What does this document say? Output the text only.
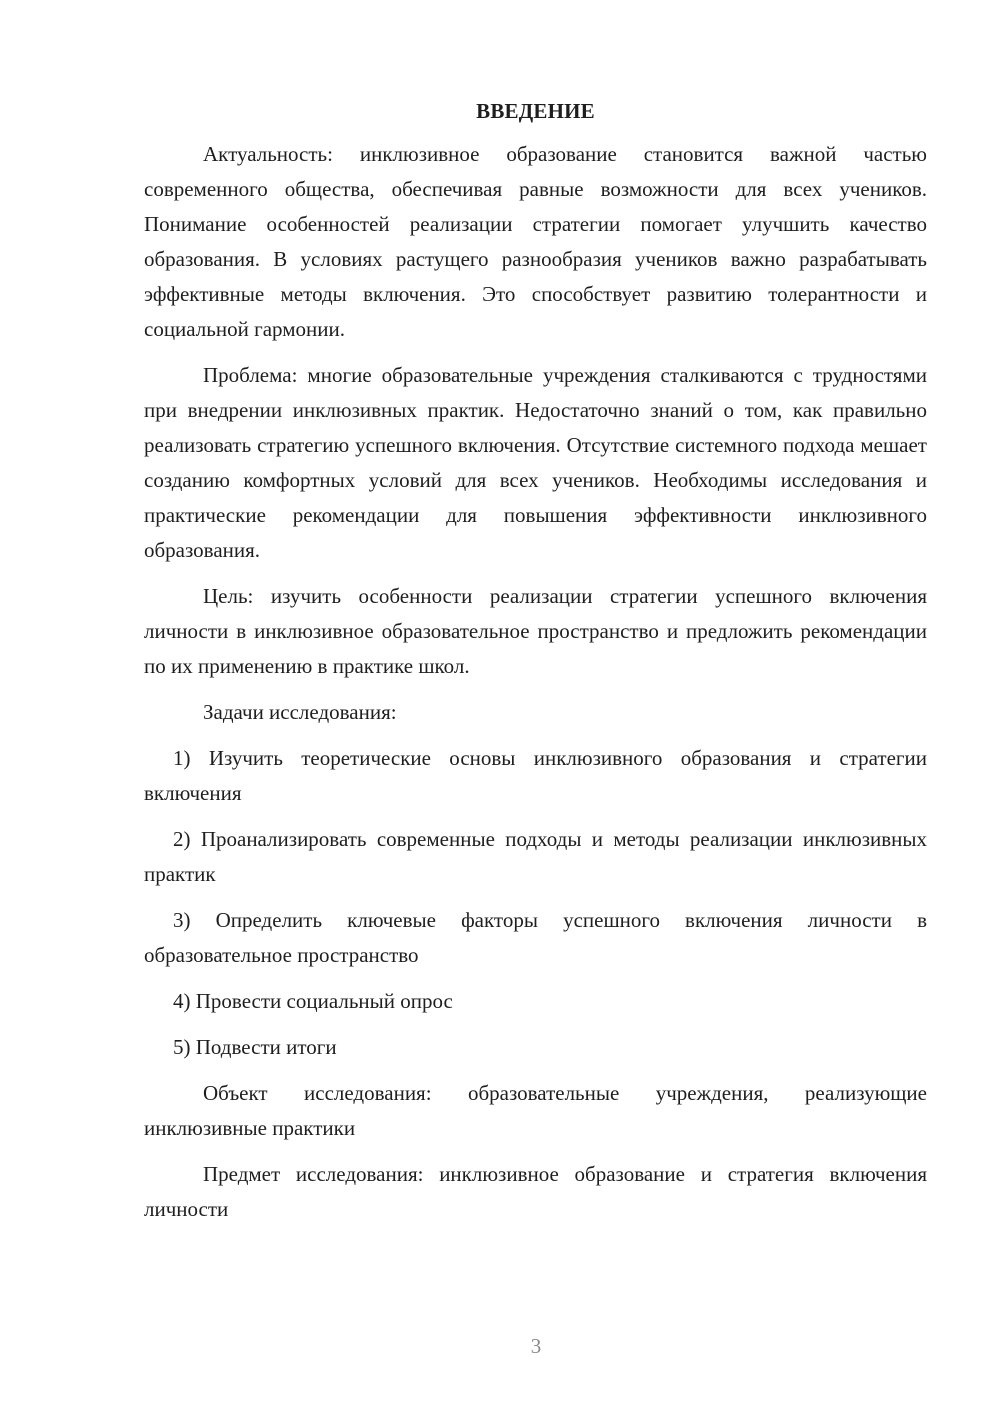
ВВЕДЕНИЕ

Актуальность: инклюзивное образование становится важной частью современного общества, обеспечивая равные возможности для всех учеников. Понимание особенностей реализации стратегии помогает улучшить качество образования. В условиях растущего разнообразия учеников важно разрабатывать эффективные методы включения. Это способствует развитию толерантности и социальной гармонии.

Проблема: многие образовательные учреждения сталкиваются с трудностями при внедрении инклюзивных практик. Недостаточно знаний о том, как правильно реализовать стратегию успешного включения. Отсутствие системного подхода мешает созданию комфортных условий для всех учеников. Необходимы исследования и практические рекомендации для повышения эффективности инклюзивного образования.

Цель: изучить особенности реализации стратегии успешного включения личности в инклюзивное образовательное пространство и предложить рекомендации по их применению в практике школ.

Задачи исследования:

1) Изучить теоретические основы инклюзивного образования и стратегии включения

2) Проанализировать современные подходы и методы реализации инклюзивных практик

3) Определить ключевые факторы успешного включения личности в образовательное пространство

4) Провести социальный опрос

5) Подвести итоги

Объект исследования: образовательные учреждения, реализующие инклюзивные практики

Предмет исследования: инклюзивное образование и стратегия включения личности

3
